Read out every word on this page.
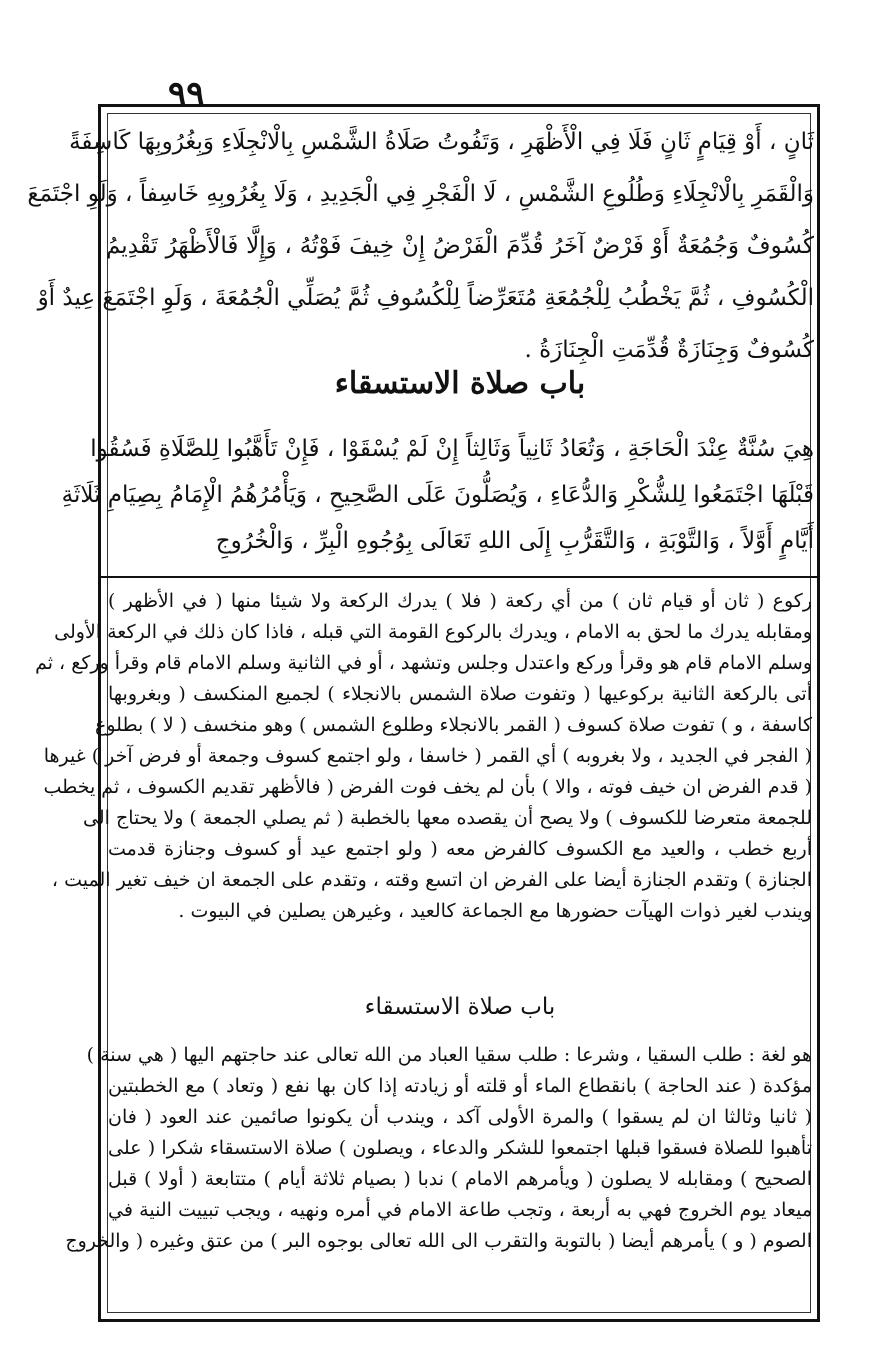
٩٩
ثَانٍ ، أَوْ قِيَامٍ ثَانٍ فَلَا فِي الْأَظْهَرِ ، وَتَفُوتُ صَلَاةُ الشَّمْسِ بِالْانْجِلَاءِ وَبِغُرُوبِهَا كَاسِفَةً
وَالْقَمَرِ بِالْانْجِلَاءِ وَطُلُوعِ الشَّمْسِ ، لَا الْفَجْرِ فِي الْجَدِيدِ ، وَلَا بِغُرُوبِهِ خَاسِفاً ، وَلَوِ اجْتَمَعَ
كُسُوفٌ وَجُمُعَةٌ أَوْ فَرْضٌ آخَرُ قُدِّمَ الْفَرْضُ إِنْ خِيفَ فَوْتُهُ ، وَإِلَّا فَالْأَظْهَرُ تَقْدِيمُ
الْكُسُوفِ ، ثُمَّ يَخْطُبُ لِلْجُمُعَةِ مُتَعَرِّضاً لِلْكُسُوفِ ثُمَّ يُصَلِّي الْجُمُعَةَ ، وَلَوِ اجْتَمَعَ عِيدٌ أَوْ
كُسُوفٌ وَجِنَازَةٌ قُدِّمَتِ الْجِنَازَةُ .
باب صلاة الاستسقاء
هِيَ سُنَّةٌ عِنْدَ الْحَاجَةِ ، وَتُعَادُ ثَانِياً وَثَالِثاً إِنْ لَمْ يُسْقَوْا ، فَإِنْ تَأَهَّبُوا لِلصَّلَاةِ فَسُقُوا
قَبْلَهَا اجْتَمَعُوا لِلشُّكْرِ وَالدُّعَاءِ ، وَيُصَلُّونَ عَلَى الصَّحِيحِ ، وَيَأْمُرُهُمُ الْإِمَامُ بِصِيَامِ ثَلَاثَةِ
أَيَّامٍ أَوَّلاً ، وَالتَّوْبَةِ ، وَالتَّقَرُّبِ إِلَى اللهِ تَعَالَى بِوُجُوهِ الْبِرِّ ، وَالْخُرُوجِ
ركوع ( ثان أو قيام ثان ) من أي ركعة ( فلا ) يدرك الركعة ولا شيئا منها ( في الأظهر )
ومقابله يدرك ما لحق به الامام ، ويدرك بالركوع القومة التي قبله ، فاذا كان ذلك في الركعة الأولى
وسلم الامام قام هو وقرأ وركع واعتدل وجلس وتشهد ، أو في الثانية وسلم الامام قام وقرأ وركع ، ثم
أتى بالركعة الثانية بركوعيها ( وتفوت صلاة الشمس بالانجلاء ) لجميع المنكسف ( وبغروبها
كاسفة ، و ) تفوت صلاة كسوف ( القمر بالانجلاء وطلوع الشمس ) وهو منخسف ( لا ) بطلوع
( الفجر في الجديد ، ولا بغروبه ) أي القمر ( خاسفا ، ولو اجتمع كسوف وجمعة أو فرض آخر ) غيرها
( قدم الفرض ان خيف فوته ، والا ) بأن لم يخف فوت الفرض ( فالأظهر تقديم الكسوف ، ثم يخطب
للجمعة متعرضا للكسوف ) ولا يصح أن يقصده معها بالخطبة ( ثم يصلي الجمعة ) ولا يحتاج الى
أربع خطب ، والعيد مع الكسوف كالفرض معه ( ولو اجتمع عيد أو كسوف وجنازة قدمت
الجنازة ) وتقدم الجنازة أيضا على الفرض ان اتسع وقته ، وتقدم على الجمعة ان خيف تغير الميت ،
ويندب لغير ذوات الهيآت حضورها مع الجماعة كالعيد ، وغيرهن يصلين في البيوت .
باب صلاة الاستسقاء
هو لغة : طلب السقيا ، وشرعا : طلب سقيا العباد من الله تعالى عند حاجتهم اليها ( هي سنة )
مؤكدة ( عند الحاجة ) بانقطاع الماء أو قلته أو زيادته إذا كان بها نفع ( وتعاد ) مع الخطبتين
( ثانيا وثالثا ان لم يسقوا ) والمرة الأولى آكد ، ويندب أن يكونوا صائمين عند العود ( فان
تأهبوا للصلاة فسقوا قبلها اجتمعوا للشكر والدعاء ، ويصلون ) صلاة الاستسقاء شكرا ( على
الصحيح ) ومقابله لا يصلون ( ويأمرهم الامام ) ندبا ( بصيام ثلاثة أيام ) متتابعة ( أولا ) قبل
ميعاد يوم الخروج فهي به أربعة ، وتجب طاعة الامام في أمره ونهيه ، ويجب تبييت النية في
الصوم ( و ) يأمرهم أيضا ( بالتوبة والتقرب الى الله تعالى بوجوه البر ) من عتق وغيره ( والخروج
